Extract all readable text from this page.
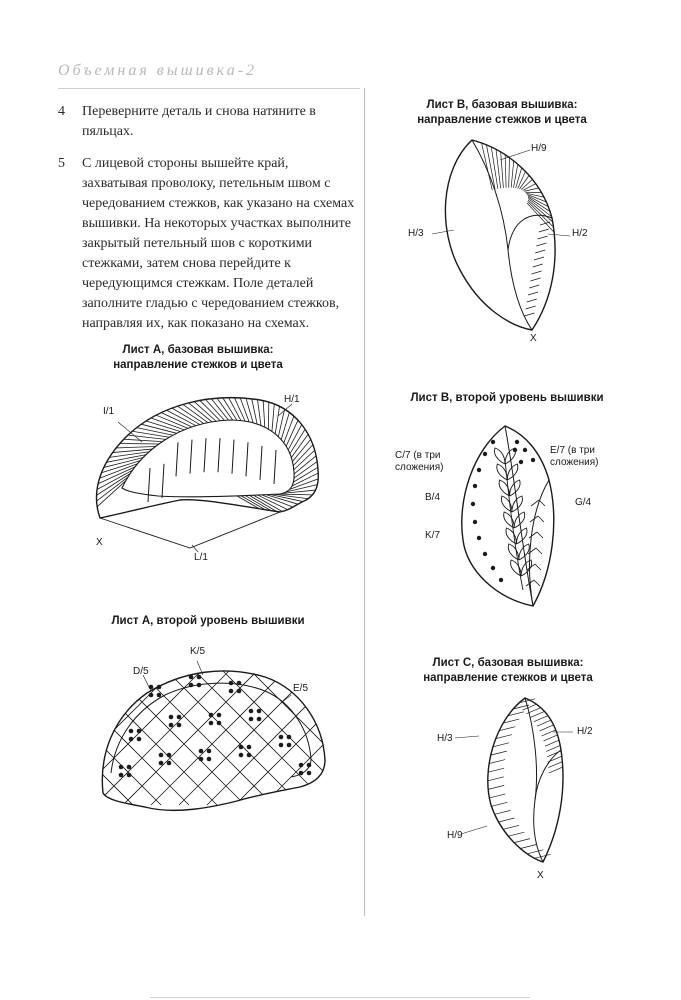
Объемная вышивка-2
4	Переверните деталь и снова натяните в пяльцах.
5	С лицевой стороны вышейте край, захватывая проволоку, петельным швом с чередованием стежков, как указано на схемах вышивки. На некоторых участках выполните закрытый петельный шов с короткими стежками, затем снова перейдите к чередующимся стежкам. Поле деталей заполните гладью с чередованием стежков, направляя их, как показано на схемах.
Лист А, базовая вышивка:
направление стежков и цвета
I/1
H/1
X
L/1
Лист А, второй уровень вышивки
K/5
D/5
E/5
Лист В, базовая вышивка:
направление стежков и цвета
H/9
H/3	H/2
X
Лист В, второй уровень вышивки
C/7 (в три
сложения)
E/7 (в три
сложения)
B/4	G/4
K/7
Лист С, базовая вышивка:
направление стежков и цвета
H/3
H/2
H/9
X
